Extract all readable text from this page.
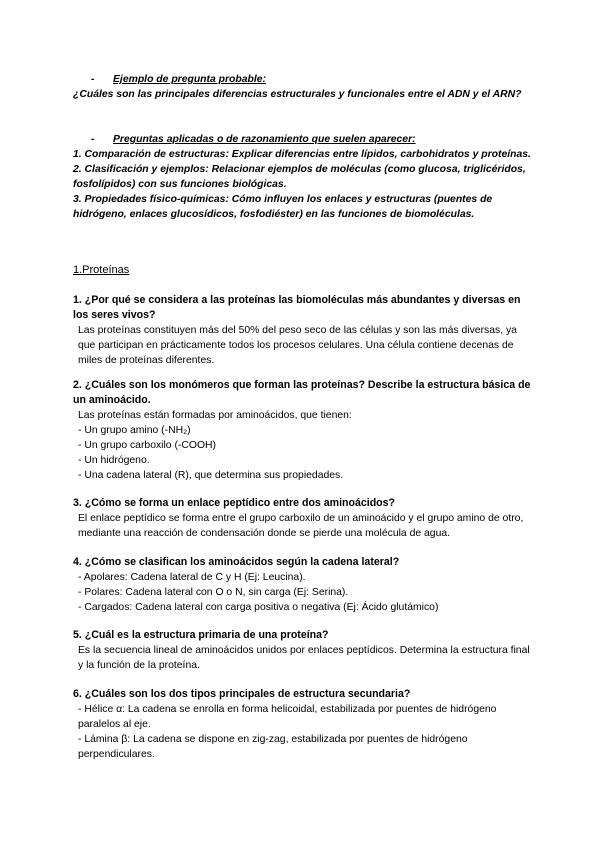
- Ejemplo de pregunta probable:
¿Cuáles son las principales diferencias estructurales y funcionales entre el ADN y el ARN?
- Preguntas aplicadas o de razonamiento que suelen aparecer:
1. Comparación de estructuras: Explicar diferencias entre lípidos, carbohidratos y proteínas.
2. Clasificación y ejemplos: Relacionar ejemplos de moléculas (como glucosa, triglicéridos, fosfolípidos) con sus funciones biológicas.
3. Propiedades físico-químicas: Cómo influyen los enlaces y estructuras (puentes de hidrógeno, enlaces glucosídicos, fosfodiéster) en las funciones de biomoléculas.
1.Proteínas
1. ¿Por qué se considera a las proteínas las biomoléculas más abundantes y diversas en los seres vivos?
Las proteínas constituyen más del 50% del peso seco de las células y son las más diversas, ya que participan en prácticamente todos los procesos celulares. Una célula contiene decenas de miles de proteínas diferentes.
2. ¿Cuáles son los monómeros que forman las proteínas? Describe la estructura básica de un aminoácido.
Las proteínas están formadas por aminoácidos, que tienen:
- Un grupo amino (-NH₂)
- Un grupo carboxilo (-COOH)
- Un hidrógeno.
- Una cadena lateral (R), que determina sus propiedades.
3. ¿Cómo se forma un enlace peptídico entre dos aminoácidos?
El enlace peptídico se forma entre el grupo carboxilo de un aminoácido y el grupo amino de otro, mediante una reacción de condensación donde se pierde una molécula de agua.
4. ¿Cómo se clasifican los aminoácidos según la cadena lateral?
- Apolares: Cadena lateral de C y H (Ej: Leucina).
- Polares: Cadena lateral con O o N, sin carga (Ej: Serina).
- Cargados: Cadena lateral con carga positiva o negativa (Ej: Ácido glutámico)
5. ¿Cuál es la estructura primaria de una proteína?
Es la secuencia lineal de aminoácidos unidos por enlaces peptídicos. Determina la estructura final y la función de la proteína.
6. ¿Cuáles son los dos tipos principales de estructura secundaria?
- Hélice α: La cadena se enrolla en forma helicoidal, estabilizada por puentes de hidrógeno paralelos al eje.
- Lámina β: La cadena se dispone en zig-zag, estabilizada por puentes de hidrógeno perpendiculares.
